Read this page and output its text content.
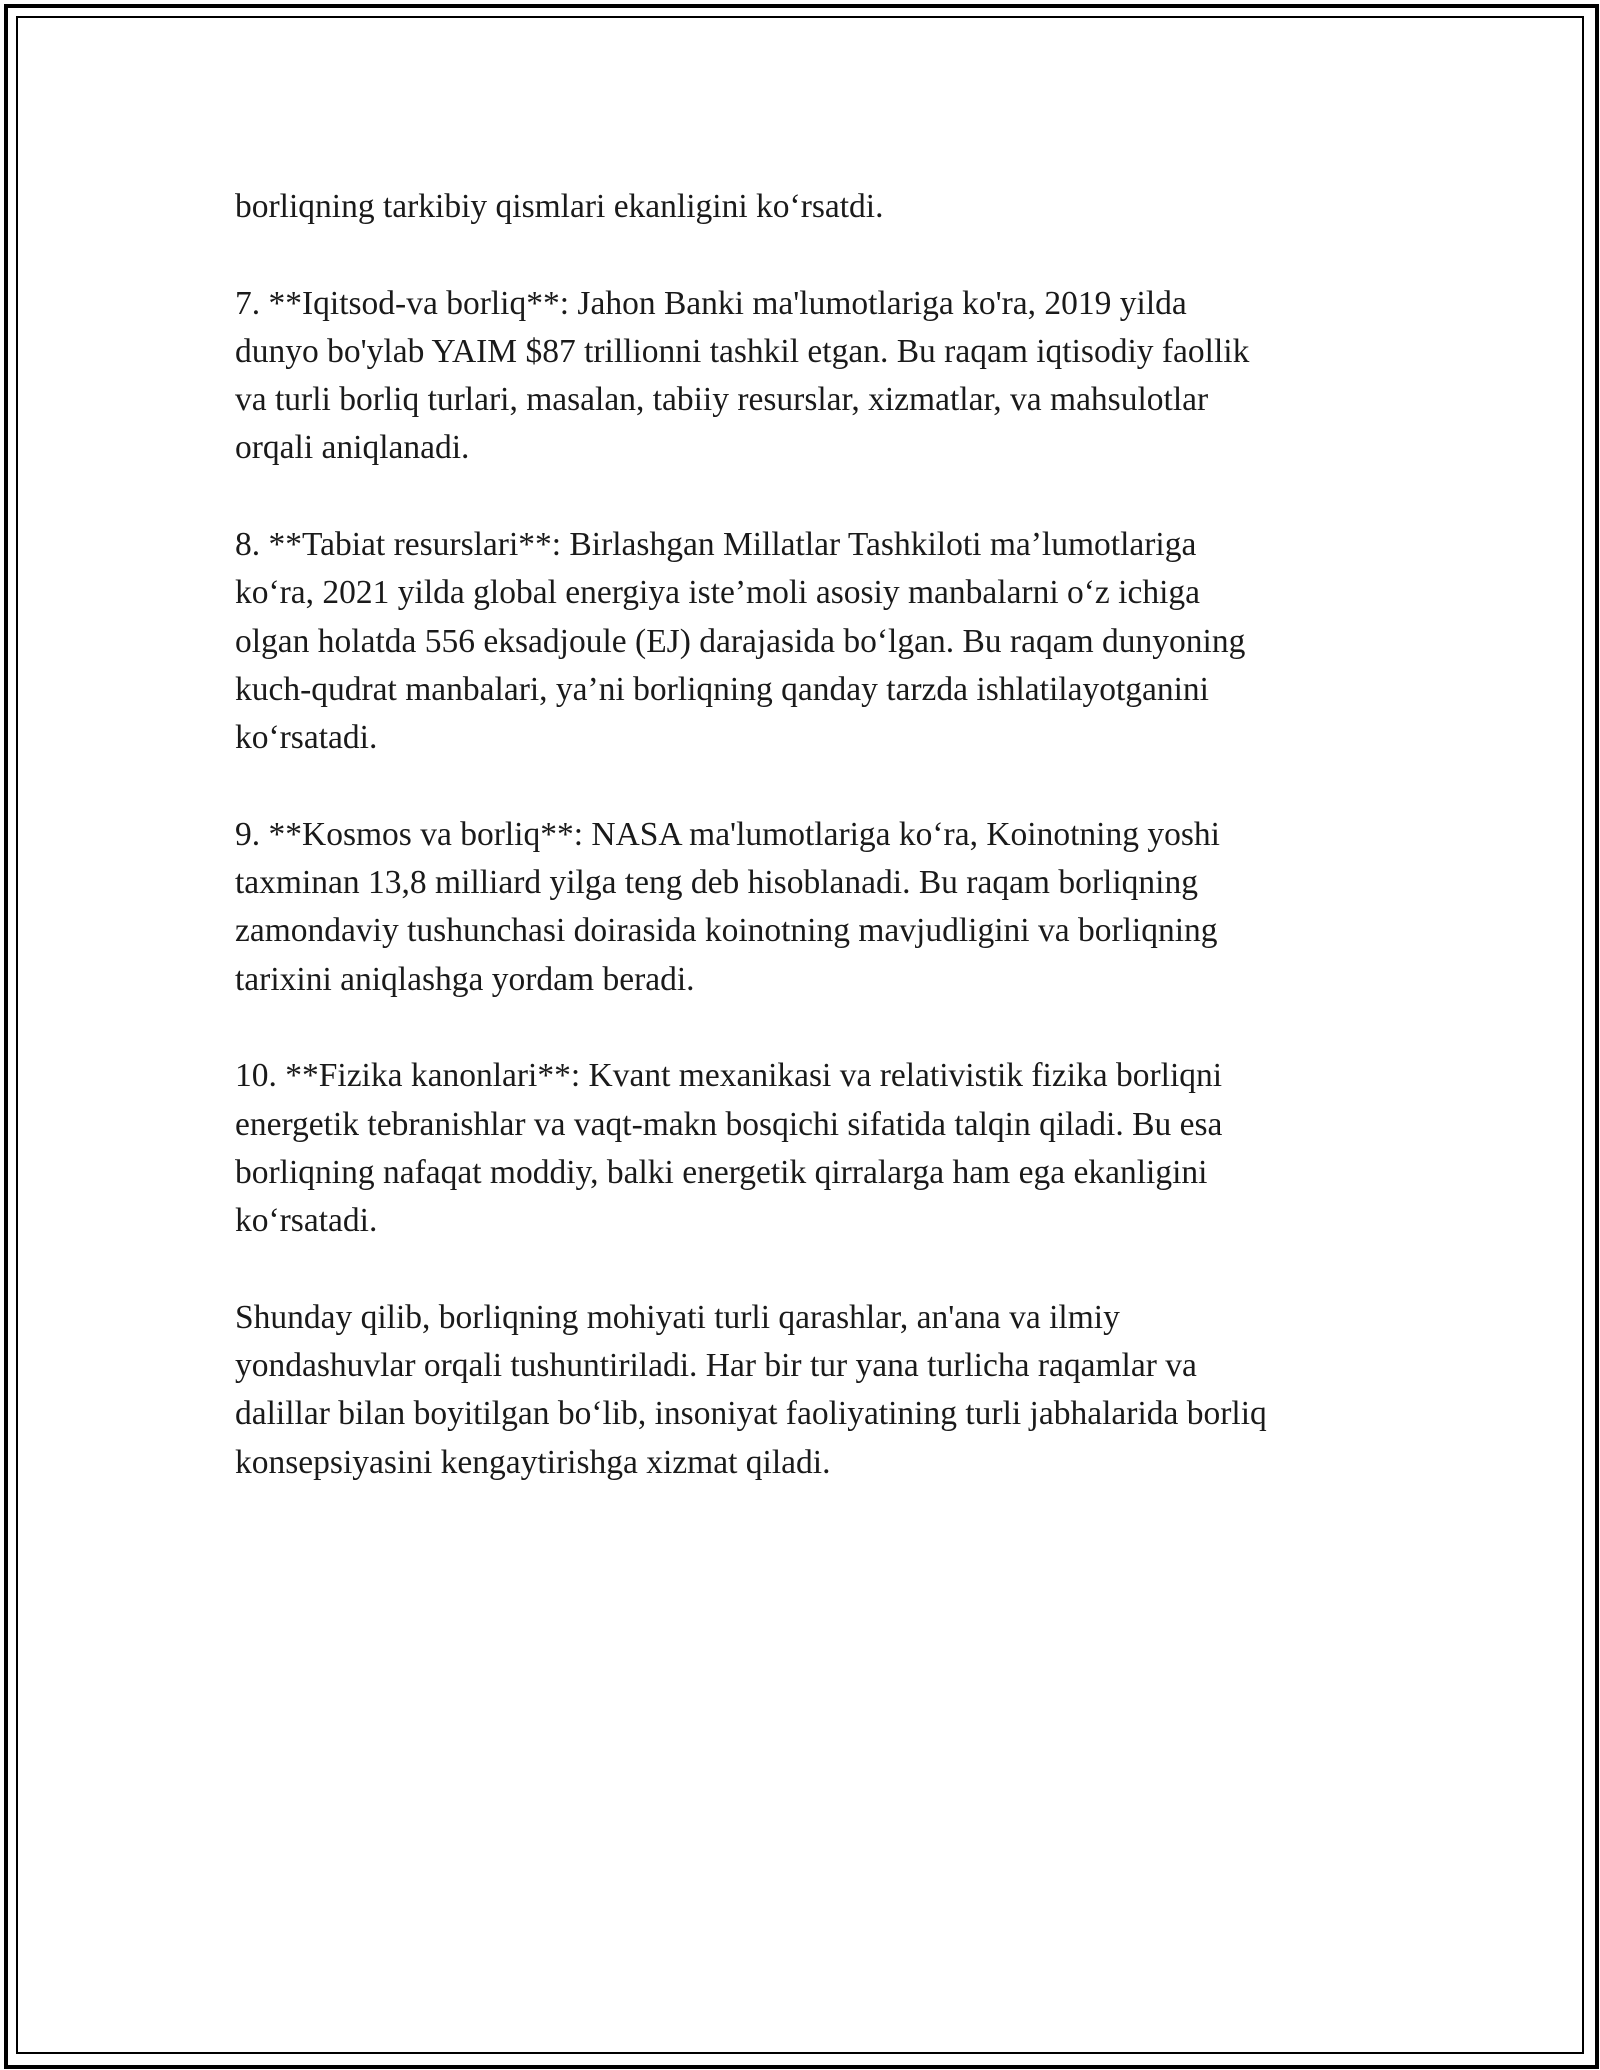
borliqning tarkibiy qismlari ekanligini ko‘rsatdi.

7. **Iqitsod-va borliq**: Jahon Banki ma'lumotlariga ko'ra, 2019 yilda
dunyo bo'ylab YAIM $87 trillionni tashkil etgan. Bu raqam iqtisodiy faollik
va turli borliq turlari, masalan, tabiiy resurslar, xizmatlar, va mahsulotlar
orqali aniqlanadi.

8. **Tabiat resurslari**: Birlashgan Millatlar Tashkiloti ma’lumotlariga
ko‘ra, 2021 yilda global energiya iste’moli asosiy manbalarni o‘z ichiga
olgan holatda 556 eksadjoule (EJ) darajasida bo‘lgan. Bu raqam dunyoning
kuch-qudrat manbalari, ya’ni borliqning qanday tarzda ishlatilayotganini
ko‘rsatadi.

9. **Kosmos va borliq**: NASA ma'lumotlariga ko‘ra, Koinotning yoshi
taxminan 13,8 milliard yilga teng deb hisoblanadi. Bu raqam borliqning
zamondaviy tushunchasi doirasida koinotning mavjudligini va borliqning
tarixini aniqlashga yordam beradi.

10. **Fizika kanonlari**: Kvant mexanikasi va relativistik fizika borliqni
energetik tebranishlar va vaqt-makn bosqichi sifatida talqin qiladi. Bu esa
borliqning nafaqat moddiy, balki energetik qirralarga ham ega ekanligini
ko‘rsatadi.

Shunday qilib, borliqning mohiyati turli qarashlar, an'ana va ilmiy
yondashuvlar orqali tushuntiriladi. Har bir tur yana turlicha raqamlar va
dalillar bilan boyitilgan bo‘lib, insoniyat faoliyatining turli jabhalarida borliq
konsepsiyasini kengaytirishga xizmat qiladi.
